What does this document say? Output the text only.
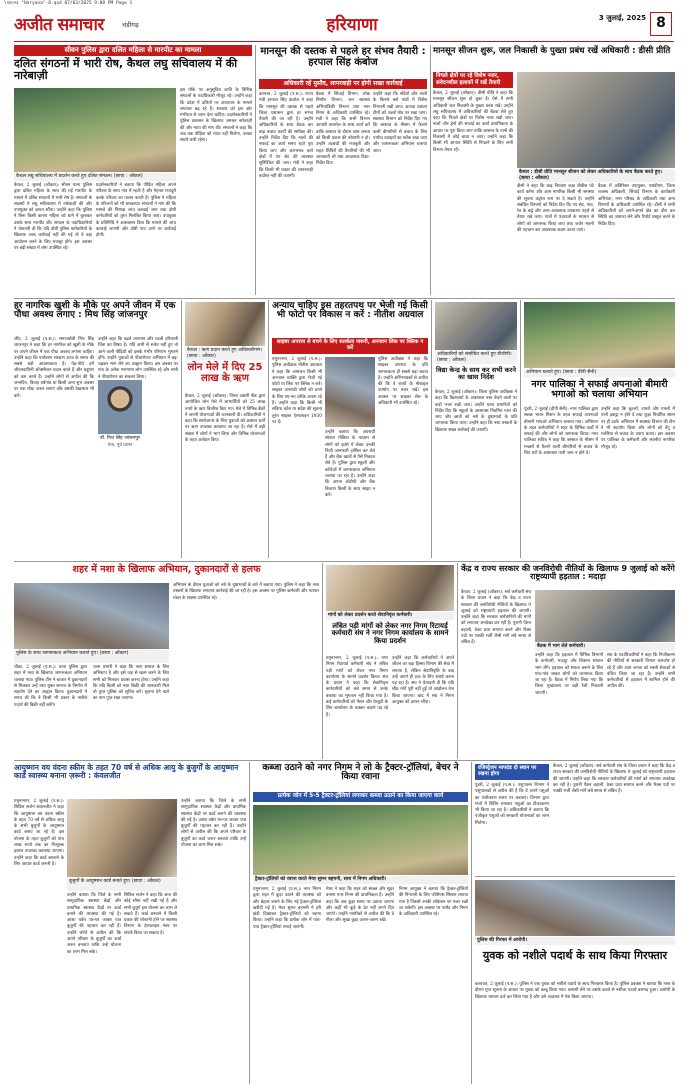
\१४०२३ "Haryana"-8.qxd 07/03/2025 9:08 PM Page 1
अजीत समाचार	चंडीगढ़	हरियाणा	3 जुलाई, 2025 8
सीवन पुलिस द्वारा दलित महिला से मारपीट का मामला
दलित संगठनों में भारी रोष, कैथल लघु सचिवालय में की नारेबाज़ी
कैथल लघु सचिवालय में प्रदर्शन करते हुए दलित संगठन। (छाया : ओंकार)
कैथल, 2 जुलाई (ओंकार): सीवन थाना पुलिस द्वारा दलित महिला के साथ की गई मारपीट के मामले में दलित संगठनों में भारी रोष है। संगठनों के सदस्यों ने लघु सचिवालय में नारेबाज़ी की और उपायुक्त को ज्ञापन सौंपा। उन्होंने कहा कि पुलिस ने बिना किसी कारण महिला को थाने में बुलाकर उसके साथ मारपीट की। संगठन के पदाधिकारियों ने चेतावनी दी कि यदि दोषी पुलिस कर्मचारियों के खिलाफ जल्द कार्रवाई नहीं की गई तो वे बड़ा आंदोलन करने के लिए मजबूर होंगे। इस अवसर पर बड़ी संख्या में लोग उपस्थित रहे।
प्रदर्शनकारियों ने बताया कि पीड़ित महिला अपने परिवार के साथ गांव में रहती है और मेहनत मजदूरी करके परिवार का पालन करती है। पुलिस ने महिला के परिजनों को भी धमकाया। संगठनों ने मांग की कि मामले की निष्पक्ष जांच करवाई जाए तथा दोषी कर्मचारियों को तुरंत निलंबित किया जाए। उपायुक्त के प्रतिनिधि ने आश्वासन दिया कि मामले की जांच करवाई जाएगी और दोषी पाए जाने पर कार्रवाई होगी।
इस मौके पर अनुसूचित जाति के विभिन्न संगठनों के पदाधिकारी मौजूद रहे। उन्होंने कहा कि प्रदेश में दलितों पर अत्याचार के मामले लगातार बढ़ रहे हैं। सरकार को इस ओर गंभीरता से ध्यान देना चाहिए। प्रदर्शनकारियों ने पुलिस प्रशासन के खिलाफ जमकर नारेबाज़ी की और न्याय की मांग की। संगठनों ने कहा कि जब तक पीड़िता को न्याय नहीं मिलेगा, उनका संघर्ष जारी रहेगा।
मानसून की दस्तक से पहले हर संभव तैयारी : हरपाल सिंह कंबोज
अधिकारी रहें मुस्तैद, लापरवाही पर होगी सख्त कार्रवाई
करनाल, 2 जुलाई (प.स.): राज्य मंत्री हरपाल सिंह कंबोज ने कहा कि मानसून की दस्तक से पहले जिला प्रशासन द्वारा हर संभव तैयारी की जा रही है। उन्होंने अधिकारियों के साथ बैठक कर बाढ़ बचाव कार्यों की समीक्षा की। उन्होंने निर्देश दिए कि नालों की सफाई का कार्य समय रहते पूरा किया जाए और जलभराव वाले क्षेत्रों में पंप सेट की व्यवस्था सुनिश्चित की जाए। मंत्री ने कहा कि किसी भी प्रकार की लापरवाही बर्दाश्त नहीं की जाएगी।
बैठक में सिंचाई विभाग, लोक निर्माण विभाग, जन स्वास्थ्य अभियांत्रिकी विभाग तथा नगर निगम के अधिकारी उपस्थित रहे। मंत्री ने कहा कि सभी विभाग आपसी तालमेल के साथ कार्य करें ताकि बरसात के दौरान आम जनता को किसी प्रकार की परेशानी न हो। उन्होंने तटबंधों की मजबूती और राहत शिविरों की तैयारियों की भी जानकारी ली तथा आवश्यक दिशा-निर्देश दिए।
उन्होंने कहा कि नदियों और नालों के किनारे बसे गांवों में विशेष निगरानी रखी जाए। आपदा प्रबंधन टीमों को अलर्ट मोड पर रखा जाए। स्वास्थ्य विभाग को निर्देश दिए गए कि बरसात के मौसम में फैलने वाली बीमारियों से बचाव के लिए पर्याप्त दवाइयों का स्टॉक रखा जाए और जागरूकता अभियान चलाया जाए।
मानसून सीजन शुरू, जल निकासी के पुख्ता प्रबंध रखें अधिकारी : डीसी प्रीति
निचले क्षेत्रों पर रहे विशेष नजर, संवेदनशील इलाकों में रखें तैयारी
कैथल, 2 जुलाई (ओंकार): डीसी प्रीति ने कहा कि मानसून सीजन शुरू हो चुका है। ऐसे में सभी अधिकारी जल निकासी के पुख्ता प्रबंध रखें। उन्होंने लघु सचिवालय में अधिकारियों की बैठक लेते हुए कहा कि निचले क्षेत्रों पर विशेष नजर रखी जाए। नालों और ड्रेनों की सफाई का कार्य प्राथमिकता के आधार पर पूरा किया जाए ताकि बरसात के पानी की निकासी में कोई बाधा न आए। उन्होंने कहा कि किसी भी आपात स्थिति से निपटने के लिए सभी विभाग तैयार रहें।
कैथल : डीसी प्रीति मानसून सीजन को लेकर अधिकारियों के साथ बैठक करते हुए। (छाया : ओंकार)
डीसी ने कहा कि बाढ़ नियंत्रण कक्ष चौबीस घंटे कार्य करेगा और आम नागरिक किसी भी समस्या की सूचना कंट्रोल रूम पर दे सकते हैं। उन्होंने संबंधित विभागों को निर्देश दिए कि पंप सेट, नाव, रेत के कट्टे और अन्य आवश्यक उपकरण पहले से तैयार रखे जाएं। गांवों में पंचायतों के माध्यम से लोगों को जागरूक किया जाए तथा जर्जर भवनों की पहचान कर आवश्यक कदम उठाए जाएं।
बैठक में अतिरिक्त उपायुक्त, एसडीएम, जिला राजस्व अधिकारी, सिंचाई विभाग के कार्यकारी अभियंता, नगर परिषद के अधिकारी तथा अन्य विभागों के अधिकारी उपस्थित रहे। डीसी ने सभी अधिकारियों को अपने-अपने क्षेत्र का दौरा कर स्थिति का जायजा लेने और रिपोर्ट प्रस्तुत करने के निर्देश दिए।
हर नागरिक खुशी के मौके पर अपने जीवन में एक पौधा अवश्य लगाए : मिथ सिंह जांजनपुर
जींद, 2 जुलाई (प.स.): समाजसेवी मिथ सिंह जांजनपुर ने कहा कि हर नागरिक को खुशी के मौके पर अपने जीवन में एक पौधा अवश्य लगाना चाहिए। उन्होंने कहा कि पर्यावरण संरक्षण आज के समय की सबसे बड़ी आवश्यकता है। पेड़-पौधे हमें जीवनदायिनी ऑक्सीजन प्रदान करते हैं और प्रदूषण को कम करते हैं। उन्होंने लोगों से अपील की कि जन्मदिन, विवाह वर्षगांठ या किसी अन्य शुभ अवसर पर एक पौधा जरूर लगाएं और उसकी देखभाल भी करें।
डॉ. मिथ सिंह जांजनपुर
नेता, पूर्व प्रधान
उन्होंने कहा कि बढ़ते तापमान और घटती हरियाली चिंता का विषय है। यदि अभी से सचेत नहीं हुए तो आने वाली पीढ़ियों को इसके गंभीर परिणाम भुगतने होंगे। उन्होंने युवाओं से पौधारोपण अभियान में बढ़-चढ़कर भाग लेने का आह्वान किया। इस अवसर पर गांव के अनेक गणमान्य लोग उपस्थित रहे और सभी ने पौधारोपण का संकल्प लिया।
कैथल : ऋण प्रदान करते हुए अधिकारीगण। (छाया : ओंकार)
लोन मेले में दिए 25 लाख के ऋण
कैथल, 2 जुलाई (ओंकार): जिला अग्रणी बैंक द्वारा आयोजित लोन मेले में लाभार्थियों को 25 लाख रुपये के ऋण वितरित किए गए। मेले में विभिन्न बैंकों ने अपनी योजनाओं की जानकारी दी। अधिकारियों ने कहा कि स्वरोजगार के लिए युवाओं को आसान शर्तों पर ऋण उपलब्ध करवाया जा रहा है। मेले में बड़ी संख्या में लोगों ने भाग लिया और विभिन्न योजनाओं के तहत आवेदन किए।
अन्याय चाहिए इस तहरतपथ पर भेजी गई किसी भी फोटो पर विकास न करें : नीतीश अग्रवाल
साइबर अपराध से बचने के लिए सतर्कता जरूरी, अनजान लिंक पर क्लिक न करें
यमुनानगर, 2 जुलाई (प.स.): पुलिस अधीक्षक नीतीश अग्रवाल ने कहा कि आमजन किसी भी अनजान व्यक्ति द्वारा भेजी गई फोटो या लिंक पर क्लिक न करें। साइबर अपराधी लोगों को ठगने के लिए नए-नए तरीके अपना रहे हैं। उन्होंने कहा कि किसी भी संदिग्ध कॉल या संदेश की सूचना तुरंत साइबर हेल्पलाइन 1930 पर दें।
उन्होंने बताया कि अपराधी सोशल मीडिया के माध्यम से लोगों को झांसे में लेकर उनकी निजी जानकारी हासिल कर लेते हैं और बैंक खातों से पैसे निकाल लेते हैं। पुलिस द्वारा स्कूलों और कॉलेजों में जागरूकता अभियान चलाया जा रहा है। उन्होंने कहा कि अपना ओटीपी और बैंक विवरण किसी के साथ साझा न करें।
पुलिस अधीक्षक ने कहा कि साइबर अपराध के प्रति जागरूकता ही सबसे बड़ा बचाव है। उन्होंने अभिभावकों से अपील की कि वे बच्चों के मोबाइल उपयोग पर नजर रखें। इस अवसर पर साइबर सेल के अधिकारी भी उपस्थित रहे।
अधिकारियों को संबोधित करते हुए डीजीपी। (छाया : ओंकार)
विद्या केन्द्र के साथ कर सभी करने का खास निर्देश
कैथल, 2 जुलाई (ओंकार): जिला पुलिस अधीक्षक ने कहा कि विद्यालयों के आसपास नशा बेचने वालों पर कड़ी नजर रखी जाए। उन्होंने थाना प्रभारियों को निर्देश दिए कि स्कूलों के आसपास नियमित गश्त की जाए और छात्रों को नशे के दुष्प्रभावों के प्रति जागरूक किया जाए। उन्होंने कहा कि नशा तस्करों के खिलाफ सख्त कार्रवाई की जाएगी।
अभियान चलाते हुए। (छाया : डीपी सैनी)
नगर पालिका ने सफाई अपनाओ बीमारी भगाओ को चलाया अभियान
पुंडरी, 2 जुलाई (डीपी सैनी): नगर पालिका द्वारा स्वच्छ भारत मिशन के तहत सफाई अपनाओ बीमारी भगाओ अभियान चलाया गया। अभियान के तहत कर्मचारियों ने शहर के विभिन्न वार्डों में सफाई की और लोगों को जागरूक किया। नगर पालिका सचिव ने कहा कि बरसात के मौसम में मच्छरों से फैलने वाली बीमारियों से बचाव के लिए घरों के आसपास पानी जमा न होने दें।
उन्होंने कहा कि कूलरों, टायरों और गमलों में पानी इकट्ठा न होने दें तथा कूड़ा निर्धारित स्थान पर ही डालें। अभियान में स्वास्थ्य विभाग की टीम ने भी सहयोग किया और लोगों को डेंगू व मलेरिया से बचाव के उपाय बताए। इस अवसर पर पालिका के कर्मचारी और स्थानीय नागरिक मौजूद रहे।
शहर में नशा के खिलाफ अभियान, दुकानदारों से हलफ
पुलिस के साथ जागरूकता अभियान चलाते हुए। (छाया : ओंकार)
चीका, 2 जुलाई (प.स.): थाना पुलिस द्वारा शहर में नशा के खिलाफ जागरूकता अभियान चलाया गया। पुलिस टीम ने बाजार में दुकानदारों से मिलकर उन्हें नशा मुक्त समाज के निर्माण में सहयोग देने का आह्वान किया। दुकानदारों ने शपथ ली कि वे किसी भी प्रकार के नशीले पदार्थ की बिक्री नहीं करेंगे।
थाना प्रभारी ने कहा कि नशा समाज के लिए अभिशाप है और इसे जड़ से खत्म करने के लिए सभी को मिलकर प्रयास करना होगा। उन्होंने कहा कि यदि किसी को नशा बिक्री की जानकारी मिले तो तुरंत पुलिस को सूचित करें। सूचना देने वाले का नाम गुप्त रखा जाएगा।
अभियान के दौरान युवाओं को नशे के दुष्प्रभावों के बारे में बताया गया। पुलिस ने कहा कि नशा तस्करों के खिलाफ लगातार कार्रवाई की जा रही है। इस अवसर पर पुलिस कर्मचारी और व्यापार मंडल के सदस्य उपस्थित रहे।
मांगों को लेकर प्रदर्शन करते सेवानिवृत्त कर्मचारी।
लंबित पड़ी मांगों को लेकर नगर निगम रिटायर्ड कर्मचारी संघ ने नगर निगम कार्यालय के सामने किया प्रदर्शन
यमुनानगर, 2 जुलाई (प.स.): नगर निगम रिटायर्ड कर्मचारी संघ ने लंबित पड़ी मांगों को लेकर नगर निगम कार्यालय के सामने प्रदर्शन किया। संघ के प्रधान ने कहा कि सेवानिवृत्त कर्मचारियों को लंबे समय से उनके बकाया का भुगतान नहीं किया गया है। कई कर्मचारियों को पेंशन और ग्रेच्युटी के लिए कार्यालय के चक्कर काटने पड़ रहे हैं।
उन्होंने कहा कि कर्मचारियों ने अपने जीवन का बड़ा हिस्सा विभाग की सेवा में लगाया है, लेकिन सेवानिवृत्ति के बाद उन्हें अपने ही हक के लिए संघर्ष करना पड़ रहा है। संघ ने चेतावनी दी कि यदि शीघ्र मांगें पूरी नहीं हुईं तो आंदोलन तेज किया जाएगा। बाद में संघ ने निगम आयुक्त को ज्ञापन सौंपा।
केंद्र व राज्य सरकार की जनविरोधी नीतियों के खिलाफ 9 जुलाई को करेंगे राष्ट्रव्यापी हड़ताल : मदाड़ा
कैथल, 2 जुलाई (ओंकार): सर्व कर्मचारी संघ के जिला प्रधान ने कहा कि केंद्र व राज्य सरकार की जनविरोधी नीतियों के खिलाफ 9 जुलाई को राष्ट्रव्यापी हड़ताल की जाएगी। उन्होंने कहा कि सरकार कर्मचारियों की मांगों को लगातार अनदेखा कर रही है। पुरानी पेंशन बहाली, ठेका प्रथा समाप्त करने और रिक्त पदों पर पक्की भर्ती जैसी मांगें लंबे समय से लंबित हैं।
बैठक में भाग लेते कर्मचारी।
उन्होंने कहा कि हड़ताल में विभिन्न विभागों के कर्मचारी, मजदूर और किसान संगठन भाग लेंगे। हड़ताल को सफल बनाने के लिए गांव-गांव जाकर लोगों को जागरूक किया जा रहा है। बैठक में निर्णय लिया गया कि जिला मुख्यालय पर बड़ी रैली निकाली जाएगी।
संघ के पदाधिकारियों ने कहा कि निजीकरण की नीतियों से सरकारी विभाग कमजोर हो रहे हैं और आम जनता को सस्ती सेवाओं से वंचित किया जा रहा है। उन्होंने सभी कर्मचारियों से हड़ताल में शामिल होने की अपील की।
आयुष्मान वय वंदना स्कीम के तहत 70 वर्ष से अधिक आयु के बुजुर्गों के आयुष्मान कार्ड स्वास्थ्य बनाना ज़रूरी : कंवलजीत
यमुनानगर, 2 जुलाई (प.स.): सिविल सर्जन कंवलजीत ने कहा कि आयुष्मान वय वंदना स्कीम के तहत 70 वर्ष से अधिक आयु के सभी बुजुर्गों के आयुष्मान कार्ड बनाए जा रहे हैं। इस योजना के तहत बुजुर्गों को पांच लाख रुपये तक का निःशुल्क इलाज उपलब्ध करवाया जाएगा। उन्होंने कहा कि कार्ड बनवाने के लिए आधार कार्ड जरूरी है।
बुजुर्गों के आयुष्मान कार्ड बनाते हुए। (छाया : ओंकार)
उन्होंने बताया कि जिले के सभी सामुदायिक स्वास्थ्य केंद्रों और प्राथमिक स्वास्थ्य केंद्रों पर कार्ड बनाने की व्यवस्था की गई है। आशा वर्कर घर-घर जाकर पात्र बुजुर्गों की पहचान कर रही हैं। उन्होंने लोगों से अपील की कि अपने परिवार के बुजुर्गों का कार्ड जरूर बनवाएं ताकि उन्हें योजना का लाभ मिल सके।
सिविल सर्जन ने कहा कि आय की कोई सीमा नहीं रखी गई है और सभी बुजुर्ग इस योजना का लाभ ले सकते हैं। कार्ड बनवाने में किसी प्रकार की परेशानी होने पर स्वास्थ्य विभाग के हेल्पलाइन नंबर पर संपर्क किया जा सकता है।
उन्होंने बताया कि जिले के सभी सामुदायिक स्वास्थ्य केंद्रों और प्राथमिक स्वास्थ्य केंद्रों पर कार्ड बनाने की व्यवस्था की गई है। आशा वर्कर घर-घर जाकर पात्र बुजुर्गों की पहचान कर रही हैं। उन्होंने लोगों से अपील की कि अपने परिवार के बुजुर्गों का कार्ड जरूर बनवाएं ताकि उन्हें योजना का लाभ मिल सके।
कब्जा उठाने को नगर निगम ने लो के ट्रैक्टर-ट्रॉलियां, बेचर ने किया रवाना
प्रत्येक जोन में 5-5 ट्रैक्टर-ट्रॉलियां लगाकर कब्जा उठाने का किया जाएगा कार्य
ट्रैक्टर-ट्रॉलियों को रवाना करते मेयर सुमन बहमनी, साथ में निगम अधिकारी।
यमुनानगर, 2 जुलाई (प.स.): नगर निगम द्वारा शहर में कूड़ा उठाने की व्यवस्था को और बेहतर बनाने के लिए नई ट्रैक्टर-ट्रॉलियां खरीदी गई हैं। मेयर सुमन बहमनी ने हरी झंडी दिखाकर ट्रैक्टर-ट्रॉलियों को रवाना किया। उन्होंने कहा कि प्रत्येक जोन में पांच-पांच ट्रैक्टर-ट्रॉलियां लगाई जाएंगी।
मेयर ने कहा कि शहर को स्वच्छ और सुंदर बनाना नगर निगम की प्राथमिकता है। उन्होंने कहा कि अब कूड़ा समय पर उठाया जाएगा और कहीं भी कूड़े के ढेर नहीं लगने दिए जाएंगे। उन्होंने नागरिकों से अपील की कि वे गीला और सूखा कूड़ा अलग-अलग रखें।
निगम आयुक्त ने बताया कि ट्रैक्टर-ट्रॉलियों की निगरानी के लिए जीपीएस सिस्टम लगाया गया है जिससे उनकी लोकेशन पर नजर रखी जा सकेगी। इस अवसर पर पार्षद और निगम के अधिकारी उपस्थित रहे।
रजिस्ट्रेशन मापदंड दो स्थान पर रखना होगा
पुंडरी, 2 जुलाई (प.स.): पशुपालन विभाग ने पशुपालकों से अपील की है कि वे अपने पशुओं का पंजीकरण समय पर करवाएं। विभाग द्वारा गांवों में शिविर लगाकर पशुओं का टीकाकरण भी किया जा रहा है। अधिकारियों ने बताया कि पंजीकृत पशुओं को सरकारी योजनाओं का लाभ मिलेगा।
कैथल, 2 जुलाई (ओंकार): सर्व कर्मचारी संघ के जिला प्रधान ने कहा कि केंद्र व राज्य सरकार की जनविरोधी नीतियों के खिलाफ 9 जुलाई को राष्ट्रव्यापी हड़ताल की जाएगी। उन्होंने कहा कि सरकार कर्मचारियों की मांगों को लगातार अनदेखा कर रही है। पुरानी पेंशन बहाली, ठेका प्रथा समाप्त करने और रिक्त पदों पर पक्की भर्ती जैसी मांगें लंबे समय से लंबित हैं।
पुलिस की गिरफ्त में आरोपी।
युवक को नशीले पदार्थ के साथ किया गिरफ्तार
कलायत, 2 जुलाई (प.स.): पुलिस ने एक युवक को नशीले पदार्थ के साथ गिरफ्तार किया है। पुलिस प्रवक्ता ने बताया कि गश्त के दौरान गुप्त सूचना के आधार पर युवक को काबू किया गया। तलाशी लेने पर उसके कब्जे से नशीला पदार्थ बरामद हुआ। आरोपी के खिलाफ मामला दर्ज कर लिया गया है और उसे अदालत में पेश किया जाएगा।
